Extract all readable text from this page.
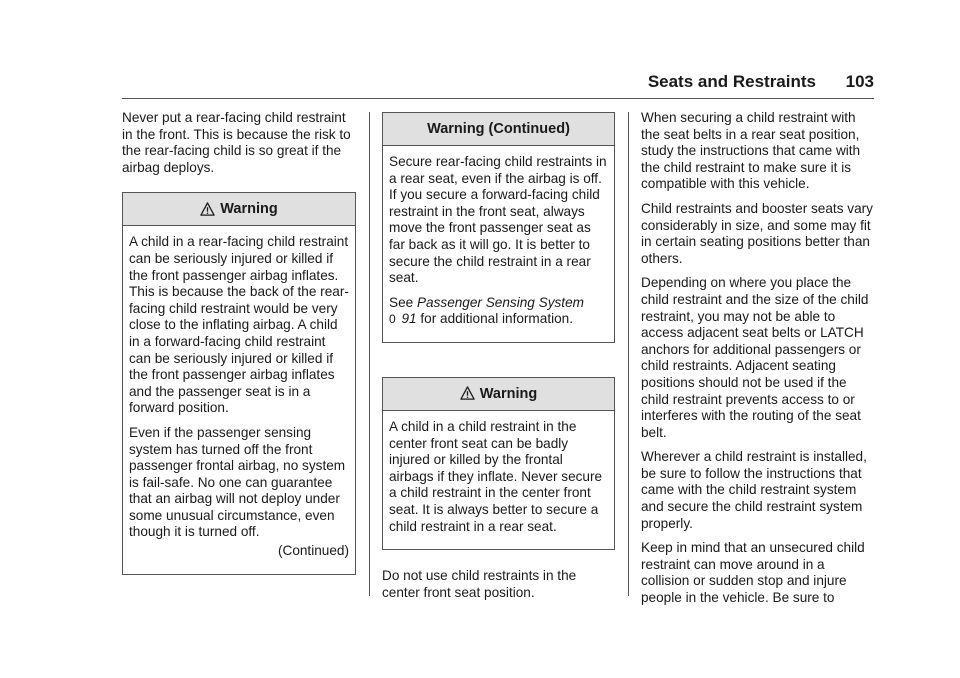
Seats and Restraints 103

Never put a rear-facing child restraint in the front. This is because the risk to the rear-facing child is so great if the airbag deploys.

Warning

A child in a rear-facing child restraint can be seriously injured or killed if the front passenger airbag inflates. This is because the back of the rear-facing child restraint would be very close to the inflating airbag. A child in a forward-facing child restraint can be seriously injured or killed if the front passenger airbag inflates and the passenger seat is in a forward position.

Even if the passenger sensing system has turned off the front passenger frontal airbag, no system is fail-safe. No one can guarantee that an airbag will not deploy under some unusual circumstance, even though it is turned off.

(Continued)

Warning (Continued)

Secure rear-facing child restraints in a rear seat, even if the airbag is off. If you secure a forward-facing child restraint in the front seat, always move the front passenger seat as far back as it will go. It is better to secure the child restraint in a rear seat.

See Passenger Sensing System
0 91 for additional information.

Warning

A child in a child restraint in the center front seat can be badly injured or killed by the frontal airbags if they inflate. Never secure a child restraint in the center front seat. It is always better to secure a child restraint in a rear seat.

Do not use child restraints in the center front seat position.

When securing a child restraint with the seat belts in a rear seat position, study the instructions that came with the child restraint to make sure it is compatible with this vehicle.

Child restraints and booster seats vary considerably in size, and some may fit in certain seating positions better than others.

Depending on where you place the child restraint and the size of the child restraint, you may not be able to access adjacent seat belts or LATCH anchors for additional passengers or child restraints. Adjacent seating positions should not be used if the child restraint prevents access to or interferes with the routing of the seat belt.

Wherever a child restraint is installed, be sure to follow the instructions that came with the child restraint system and secure the child restraint system properly.

Keep in mind that an unsecured child restraint can move around in a collision or sudden stop and injure people in the vehicle. Be sure to
